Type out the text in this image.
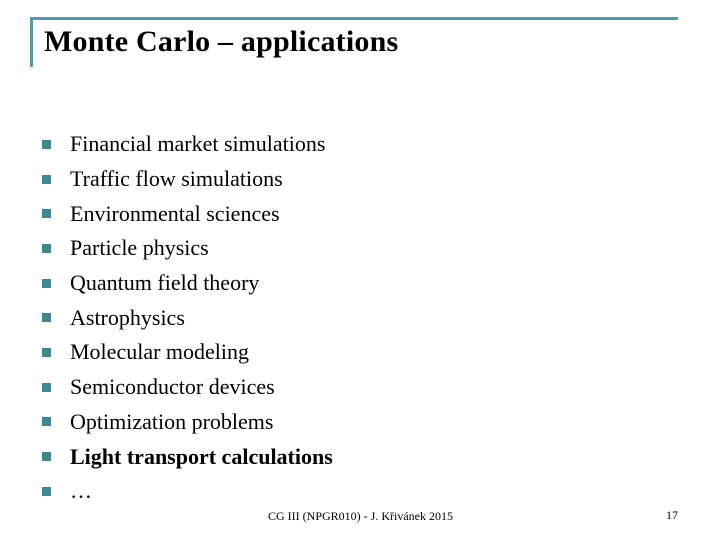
Monte Carlo – applications
Financial market simulations
Traffic flow simulations
Environmental sciences
Particle physics
Quantum field theory
Astrophysics
Molecular modeling
Semiconductor devices
Optimization problems
Light transport calculations
…
CG III (NPGR010) - J. Křivánek 2015	17
